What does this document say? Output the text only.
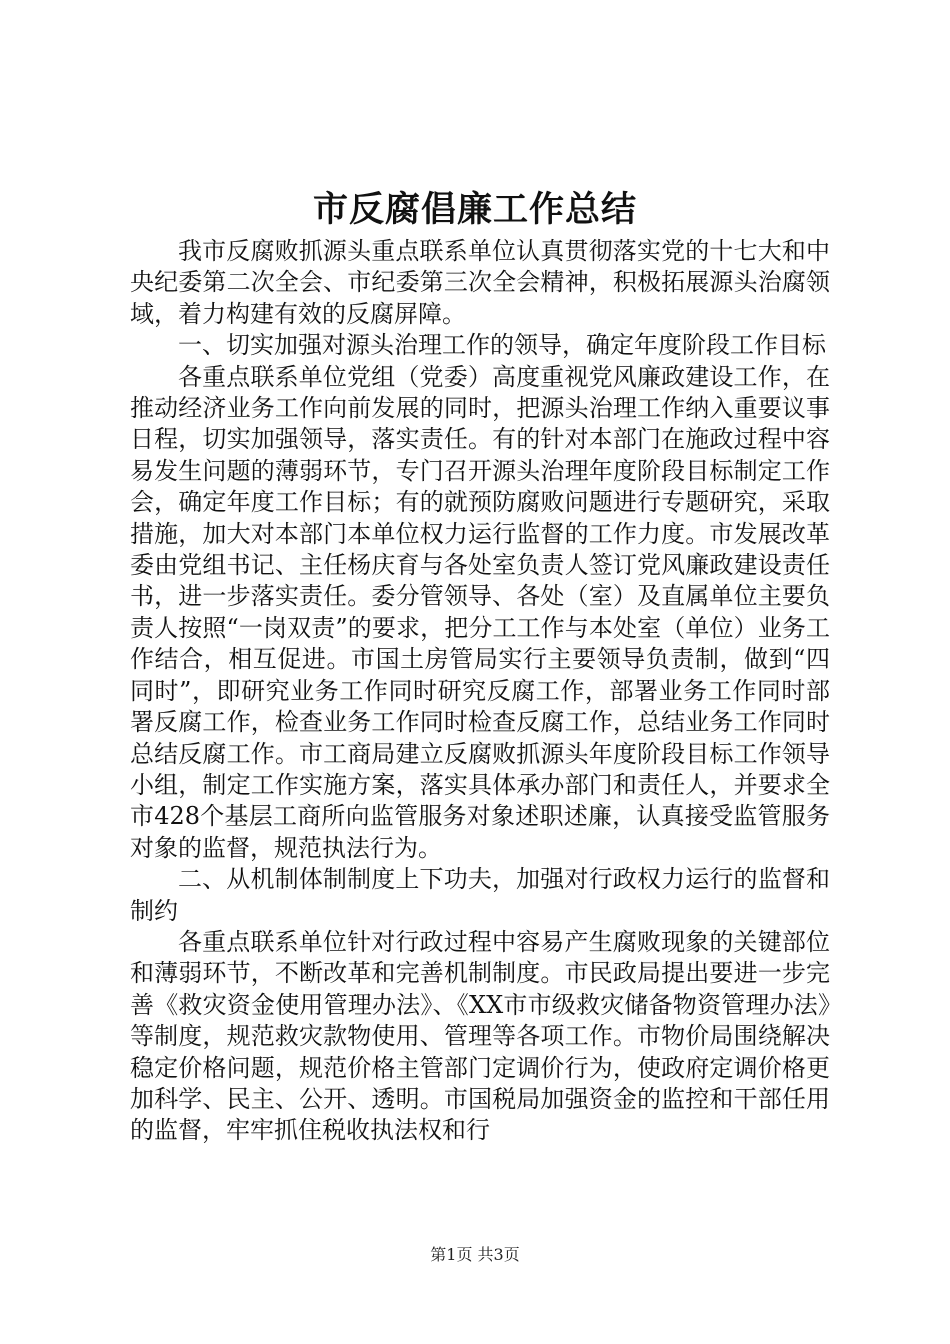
市反腐倡廉工作总结

我市反腐败抓源头重点联系单位认真贯彻落实党的十七大和中央纪委第二次全会、市纪委第三次全会精神，积极拓展源头治腐领域，着力构建有效的反腐屏障。

一、切实加强对源头治理工作的领导，确定年度阶段工作目标

各重点联系单位党组（党委）高度重视党风廉政建设工作，在推动经济业务工作向前发展的同时，把源头治理工作纳入重要议事日程，切实加强领导，落实责任。有的针对本部门在施政过程中容易发生问题的薄弱环节，专门召开源头治理年度阶段目标制定工作会，确定年度工作目标；有的就预防腐败问题进行专题研究，采取措施，加大对本部门本单位权力运行监督的工作力度。市发展改革委由党组书记、主任杨庆育与各处室负责人签订党风廉政建设责任书，进一步落实责任。委分管领导、各处（室）及直属单位主要负责人按照“一岗双责”的要求，把分工工作与本处室（单位）业务工作结合，相互促进。市国土房管局实行主要领导负责制，做到“四同时”，即研究业务工作同时研究反腐工作，部署业务工作同时部署反腐工作，检查业务工作同时检查反腐工作，总结业务工作同时总结反腐工作。市工商局建立反腐败抓源头年度阶段目标工作领导小组，制定工作实施方案，落实具体承办部门和责任人，并要求全市428个基层工商所向监管服务对象述职述廉，认真接受监管服务对象的监督，规范执法行为。

二、从机制体制制度上下功夫，加强对行政权力运行的监督和制约

各重点联系单位针对行政过程中容易产生腐败现象的关键部位和薄弱环节，不断改革和完善机制制度。市民政局提出要进一步完善《救灾资金使用管理办法》、《XX市市级救灾储备物资管理办法》等制度，规范救灾款物使用、管理等各项工作。市物价局围绕解决稳定价格问题，规范价格主管部门定调价行为，使政府定调价格更加科学、民主、公开、透明。市国税局加强资金的监控和干部任用的监督，牢牢抓住税收执法权和行

第1页 共3页
